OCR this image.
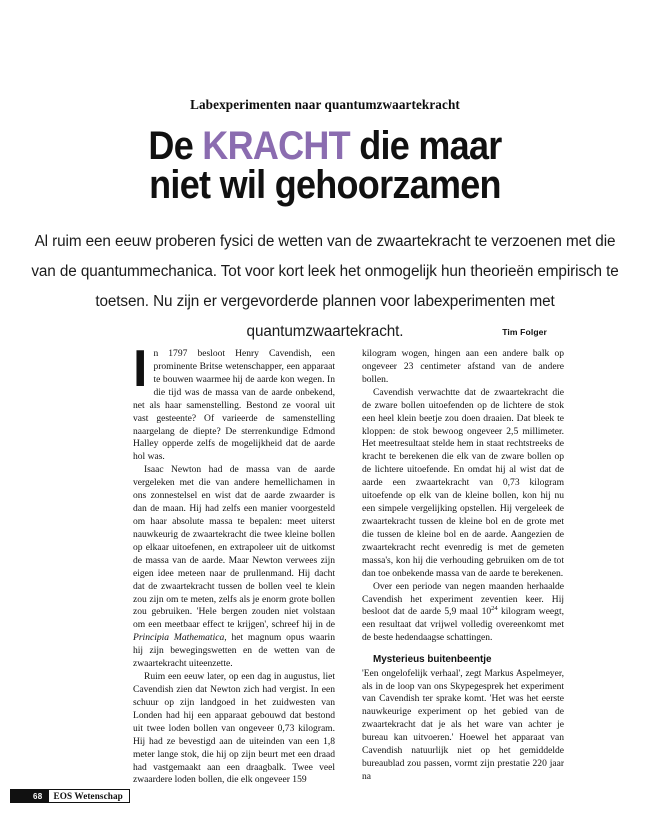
Labexperimenten naar quantumzwaartekracht
De KRACHT die maar
niet wil gehoorzamen
Al ruim een eeuw proberen fysici de wetten van de zwaartekracht te verzoenen met die van de quantummechanica. Tot voor kort leek het onmogelijk hun theorieën empirisch te toetsen. Nu zijn er vergevorderde plannen voor labexperimenten met quantumzwaartekracht.	Tim Folger

In 1797 besloot Henry Cavendish, een prominente Britse wetenschapper, een apparaat te bouwen waarmee hij de aarde kon wegen. In die tijd was de massa van de aarde onbekend, net als haar samenstelling. Bestond ze vooral uit vast gesteente? Of varieerde de samenstelling naargelang de diepte? De sterrenkundige Edmond Halley opperde zelfs de mogelijkheid dat de aarde hol was.

Isaac Newton had de massa van de aarde vergeleken met die van andere hemellichamen in ons zonnestelsel en wist dat de aarde zwaarder is dan de maan. Hij had zelfs een manier voorgesteld om haar absolute massa te bepalen: meet uiterst nauwkeurig de zwaartekracht die twee kleine bollen op elkaar uitoefenen, en extrapoleer uit de uitkomst de massa van de aarde. Maar Newton verwees zijn eigen idee meteen naar de prullenmand. Hij dacht dat de zwaartekracht tussen de bollen veel te klein zou zijn om te meten, zelfs als je enorm grote bollen zou gebruiken. 'Hele bergen zouden niet volstaan om een meetbaar effect te krijgen', schreef hij in de Principia Mathematica, het magnum opus waarin hij zijn bewegingswetten en de wetten van de zwaartekracht uiteenzette.

Ruim een eeuw later, op een dag in augustus, liet Cavendish zien dat Newton zich had vergist. In een schuur op zijn landgoed in het zuidwesten van Londen had hij een apparaat gebouwd dat bestond uit twee loden bollen van ongeveer 0,73 kilogram. Hij had ze bevestigd aan de uiteinden van een 1,8 meter lange stok, die hij op zijn beurt met een draad had vastgemaakt aan een draagbalk. Twee veel zwaardere loden bollen, die elk ongeveer 159

kilogram wogen, hingen aan een andere balk op ongeveer 23 centimeter afstand van de andere bollen.

Cavendish verwachtte dat de zwaartekracht die de zware bollen uitoefenden op de lichtere de stok een heel klein beetje zou doen draaien. Dat bleek te kloppen: de stok bewoog ongeveer 2,5 millimeter. Het meetresultaat stelde hem in staat rechtstreeks de kracht te berekenen die elk van de zware bollen op de lichtere uitoefende. En omdat hij al wist dat de aarde een zwaartekracht van 0,73 kilogram uitoefende op elk van de kleine bollen, kon hij nu een simpele vergelijking opstellen. Hij vergeleek de zwaartekracht tussen de kleine bol en de grote met die tussen de kleine bol en de aarde. Aangezien de zwaartekracht recht evenredig is met de gemeten massa's, kon hij die verhouding gebruiken om de tot dan toe onbekende massa van de aarde te berekenen.

Over een periode van negen maanden herhaalde Cavendish het experiment zeventien keer. Hij besloot dat de aarde 5,9 maal $10^{24}$ kilogram weegt, een resultaat dat vrijwel volledig overeenkomt met de beste hedendaagse schattingen.

Mysterieus buitenbeentje

'Een ongelofelijk verhaal', zegt Markus Aspelmeyer, als in de loop van ons Skypegesprek het experiment van Cavendish ter sprake komt. 'Het was het eerste nauwkeurige experiment op het gebied van de zwaartekracht dat je als het ware van achter je bureau kan uitvoeren.' Hoewel het apparaat van Cavendish natuurlijk niet op het gemiddelde bureaublad zou passen, vormt zijn prestatie 220 jaar na

68	EOS Wetenschap
